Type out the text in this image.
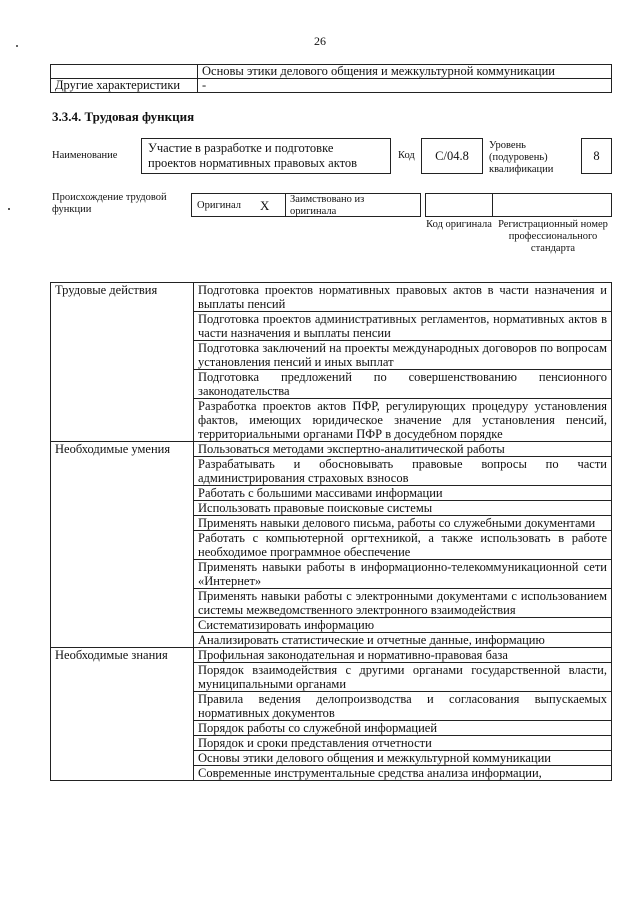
26
	Основы этики делового общения и межкультурной коммуникации
Другие характеристики	-
3.3.4. Трудовая функция
Наименование
Участие в разработке и подготовке проектов нормативных правовых актов
Код	С/04.8
Уровень (подуровень) квалификации
8
Происхождение трудовой функции	Оригинал X Заимствовано из оригинала
Код оригинала Регистрационный номер профессионального стандарта
Трудовые действия	Подготовка проектов нормативных правовых актов в части назначения и выплаты пенсий
	Подготовка проектов административных регламентов, нормативных актов в части назначения и выплаты пенсии
	Подготовка заключений на проекты международных договоров по вопросам установления пенсий и иных выплат
	Подготовка предложений по совершенствованию пенсионного законодательства
	Разработка проектов актов ПФР, регулирующих процедуру установления фактов, имеющих юридическое значение для установления пенсий, территориальными органами ПФР в досудебном порядке
Необходимые умения	Пользоваться методами экспертно-аналитической работы
	Разрабатывать и обосновывать правовые вопросы по части администрирования страховых взносов
	Работать с большими массивами информации
	Использовать правовые поисковые системы
	Применять навыки делового письма, работы со служебными документами
	Работать с компьютерной оргтехникой, а также использовать в работе необходимое программное обеспечение
	Применять навыки работы в информационно-телекоммуникационной сети «Интернет»
	Применять навыки работы с электронными документами с использованием системы межведомственного электронного взаимодействия
	Систематизировать информацию
	Анализировать статистические и отчетные данные, информацию
Необходимые знания	Профильная законодательная и нормативно-правовая база
	Порядок взаимодействия с другими органами государственной власти, муниципальными органами
	Правила ведения делопроизводства и согласования выпускаемых нормативных документов
	Порядок работы со служебной информацией
	Порядок и сроки представления отчетности
	Основы этики делового общения и межкультурной коммуникации
	Современные инструментальные средства анализа информации,
